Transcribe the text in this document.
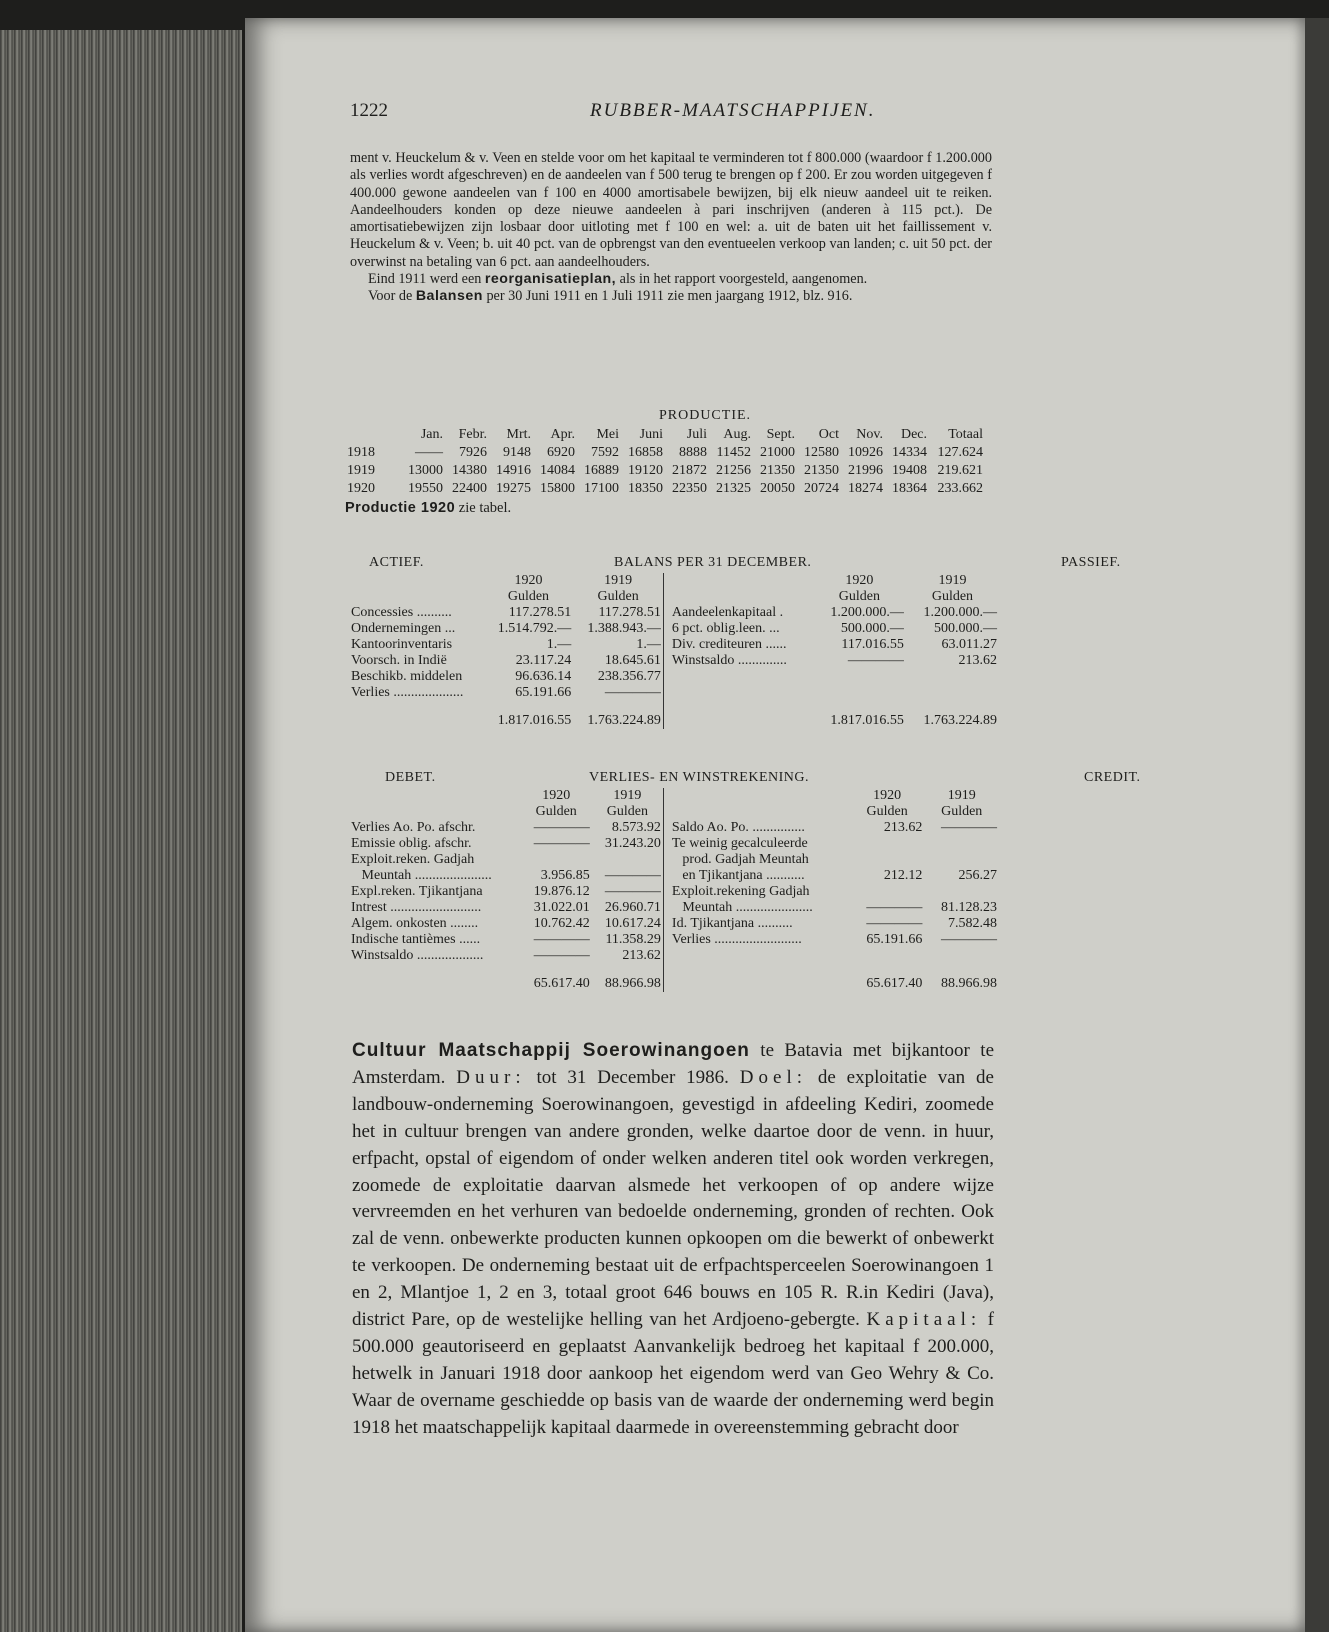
1222	RUBBER-MAATSCHAPPIJEN.

ment v. Heuckelum & v. Veen en stelde voor om het kapitaal te verminderen tot f 800.000 (waardoor f 1.200.000 als verlies wordt afgeschreven) en de aandeelen van f 500 terug te brengen op f 200. Er zou worden uitgegeven f 400.000 gewone aandeelen van f 100 en 4000 amortisabele bewijzen, bij elk nieuw aandeel uit te reiken. Aandeelhouders konden op deze nieuwe aandeelen à pari inschrijven (anderen à 115 pct.). De amortisatiebewijzen zijn losbaar door uitloting met f 100 en wel: a. uit de baten uit het faillissement v. Heuckelum & v. Veen; b. uit 40 pct. van de opbrengst van den eventueelen verkoop van landen; c. uit 50 pct. der overwinst na betaling van 6 pct. aan aandeelhouders.

Eind 1911 werd een reorganisatieplan, als in het rapport voorgesteld, aangenomen.

Voor de Balansen per 30 Juni 1911 en 1 Juli 1911 zie men jaargang 1912, blz. 916.

PRODUCTIE.
	Jan.	Febr.	Mrt.	Apr.	Mei	Juni	Juli	Aug.	Sept.	Oct	Nov.	Dec.	Totaal
1918	——	7926	9148	6920	7592	16858	8888	11452	21000	12580	10926	14334	127.624
1919	13000	14380	14916	14084	16889	19120	21872	21256	21350	21350	21996	19408	219.621
1920	19550	22400	19275	15800	17100	18350	22350	21325	20050	20724	18274	18364	233.662
Productie 1920 zie tabel.
ACTIEF.	BALANS PER 31 DECEMBER.	PASSIEF.
	1920	1919
	Gulden	Gulden
Concessies ..........	117.278.51	117.278.51
Ondernemingen ...	1.514.792.—	1.388.943.—
Kantoorinventaris	1.—	1.—
Voorsch. in Indië	23.117.24	18.645.61
Beschikb. middelen	96.636.14	238.356.77
Verlies ....................	65.191.66	————
	1.817.016.55	1.763.224.89
	1920	1919
	Gulden	Gulden
Aandeelenkapitaal .	1.200.000.—	1.200.000.—
6 pct. oblig.leen. ...	500.000.—	500.000.—
Div. crediteuren ......	117.016.55	63.011.27
Winstsaldo ..............	————	213.62

	1.817.016.55	1.763.224.89
DEBET.	VERLIES- EN WINSTREKENING.	CREDIT.
	1920	1919
	Gulden	Gulden
Verlies Ao. Po. afschr.	————	8.573.92
Emissie oblig. afschr.	————	31.243.20
Exploit.reken. Gadjah		
Meuntah ......................	3.956.85	————
Expl.reken. Tjikantjana	19.876.12	————
Intrest ..........................	31.022.01	26.960.71
Algem. onkosten ........	10.762.42	10.617.24
Indische tantièmes ......	————	11.358.29
Winstsaldo ...................	————	213.62
	65.617.40	88.966.98
	1920	1919
	Gulden	Gulden
Saldo Ao. Po. ...............	213.62	————
Te weinig gecalculeerde		
prod. Gadjah Meuntah		
en Tjikantjana ...........	212.12	256.27
Exploit.rekening Gadjah		
Meuntah ......................	————	81.128.23
Id. Tjikantjana ..........	————	7.582.48
Verlies .........................	65.191.66	————

	65.617.40	88.966.98
Cultuur Maatschappij Soerowinangoen te Batavia met bijkantoor te Amsterdam. Duur: tot 31 December 1986. Doel: de exploitatie van de landbouw-onderneming Soerowinangoen, gevestigd in afdeeling Kediri, zoomede het in cultuur brengen van andere gronden, welke daartoe door de venn. in huur, erfpacht, opstal of eigendom of onder welken anderen titel ook worden verkregen, zoomede de exploitatie daarvan alsmede het verkoopen of op andere wijze vervreemden en het verhuren van bedoelde onderneming, gronden of rechten. Ook zal de venn. onbewerkte producten kunnen opkoopen om die bewerkt of onbewerkt te verkoopen. De onderneming bestaat uit de erfpachtsperceelen Soerowinangoen 1 en 2, Mlantjoe 1, 2 en 3, totaal groot 646 bouws en 105 R. R.in Kediri (Java), district Pare, op de westelijke helling van het Ardjoeno-gebergte. Kapitaal: f 500.000 geautoriseerd en geplaatst Aanvankelijk bedroeg het kapitaal f 200.000, hetwelk in Januari 1918 door aankoop het eigendom werd van Geo Wehry & Co. Waar de overname geschiedde op basis van de waarde der onderneming werd begin 1918 het maatschappelijk kapitaal daarmede in overeenstemming gebracht door
